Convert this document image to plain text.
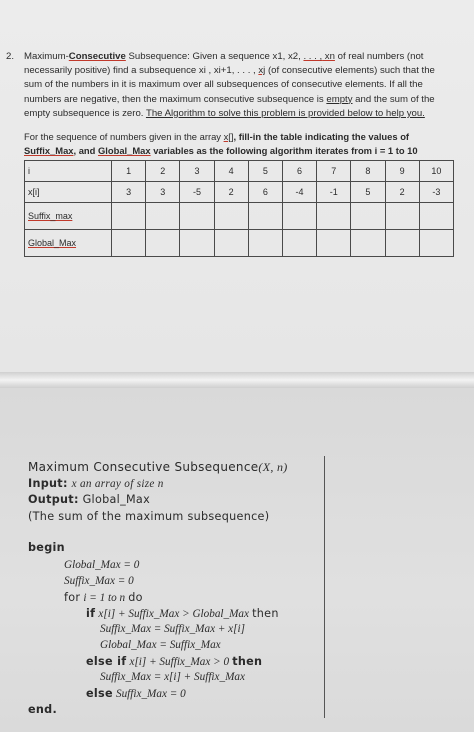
2. Maximum-Consecutive Subsequence: Given a sequence x1, x2, . . . , xn of real numbers (not
necessarily positive) find a subsequence xi , xi+1, . . . , xj (of consecutive elements) such that the
sum of the numbers in it is maximum over all subsequences of consecutive elements. If all the
numbers are negative, then the maximum consecutive subsequence is empty and the sum of the
empty subsequence is zero. The Algorithm to solve this problem is provided below to help you.
For the sequence of numbers given in the array x[], fill-in the table indicating the values of
Suffix_Max, and Global_Max variables as the following algorithm iterates from i = 1 to 10
i	1	2	3	4	5	6	7	8	9	10
x[i]	3	3	-5	2	6	-4	-1	5	2	-3
Suffix_max										
Global_Max										
Maximum Consecutive Subsequence(X, n)
Input: x an array of size n
Output: Global_Max
(The sum of the maximum subsequence)
begin
Global_Max = 0
Suffix_Max = 0
for i = 1 to n do
if x[i] + Suffix_Max > Global_Max then
Suffix_Max = Suffix_Max + x[i]
Global_Max = Suffix_Max
else if x[i] + Suffix_Max > 0 then
Suffix_Max = x[i] + Suffix_Max
else Suffix_Max = 0
end.
